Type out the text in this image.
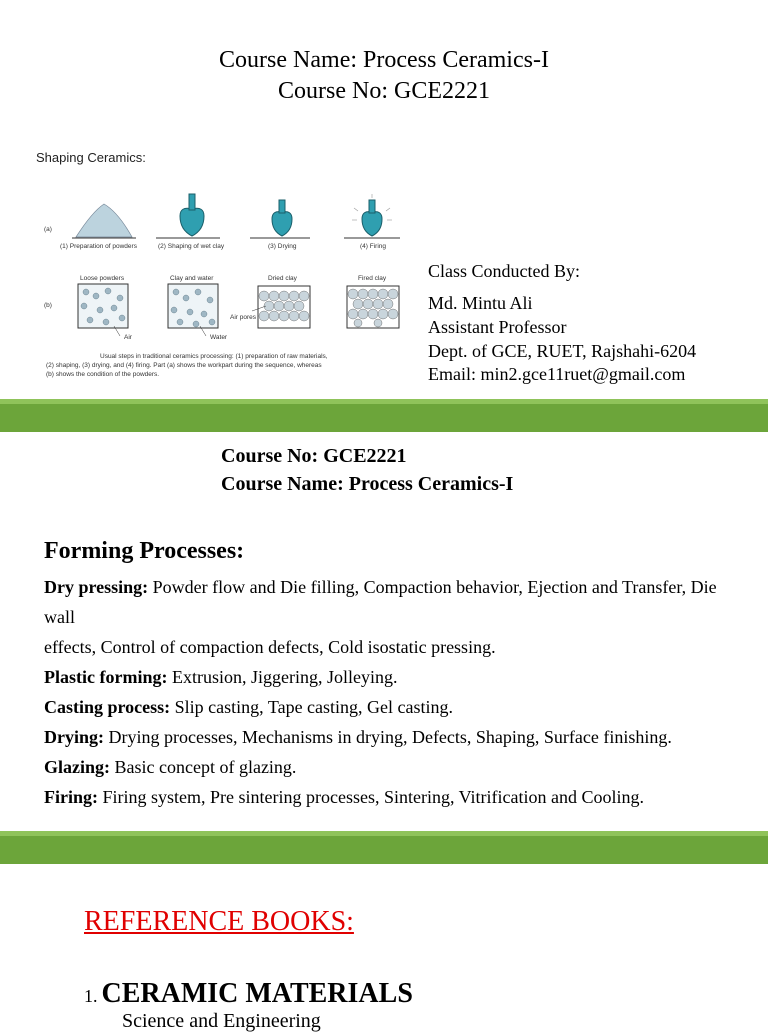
Course Name: Process Ceramics-I
Course No: GCE2221
Shaping Ceramics:
(a)
(b)
(1) Preparation of powders	(2) Shaping of wet clay	(3) Drying	(4) Firing
Loose powders	Clay and water	Dried clay	Fired clay
Air	Water
Air pores
Usual steps in traditional ceramics processing: (1) preparation of raw materials,
(2) shaping, (3) drying, and (4) firing. Part (a) shows the workpart during the sequence, whereas
(b) shows the condition of the powders.
Class Conducted By:
Md. Mintu Ali
Assistant Professor
Dept. of GCE, RUET, Rajshahi-6204
Email: min2.gce11ruet@gmail.com
Course No: GCE2221
Course Name: Process Ceramics-I
Forming Processes:
Dry pressing: Powder flow and Die filling, Compaction behavior, Ejection and Transfer, Die wall
effects, Control of compaction defects, Cold isostatic pressing.
Plastic forming: Extrusion, Jiggering, Jolleying.
Casting process: Slip casting, Tape casting, Gel casting.
Drying: Drying processes, Mechanisms in drying, Defects, Shaping, Surface finishing.
Glazing: Basic concept of glazing.
Firing: Firing system, Pre sintering processes, Sintering, Vitrification and Cooling.
REFERENCE BOOKS:
1. CERAMIC MATERIALS
Science and Engineering
